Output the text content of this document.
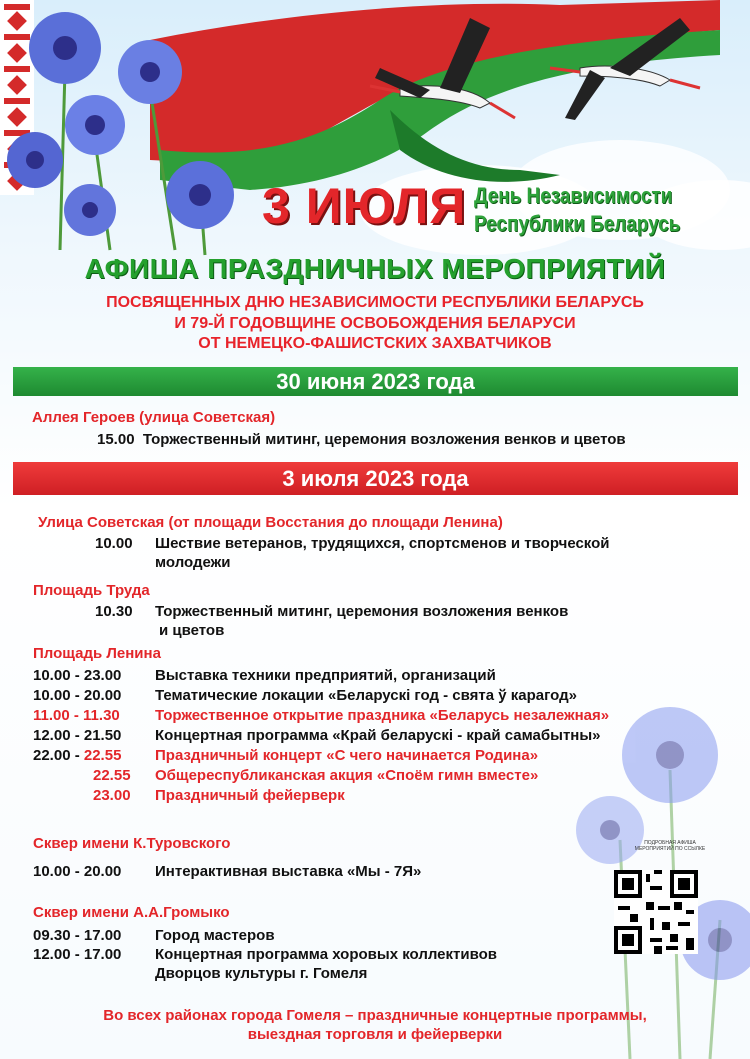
3 ИЮЛЯ День Независимости
Республики Беларусь
АФИША ПРАЗДНИЧНЫХ МЕРОПРИЯТИЙ
ПОСВЯЩЕННЫХ ДНЮ НЕЗАВИСИМОСТИ РЕСПУБЛИКИ БЕЛАРУСЬ
И 79-Й ГОДОВЩИНЕ ОСВОБОЖДЕНИЯ БЕЛАРУСИ
ОТ НЕМЕЦКО-ФАШИСТСКИХ ЗАХВАТЧИКОВ
30 июня 2023 года
Аллея Героев (улица Советская)
15.00 Торжественный митинг, церемония возложения венков и цветов
3 июля 2023 года
Улица Советская (от площади Восстания до площади Ленина)
10.00 Шествие ветеранов, трудящихся, спортсменов и творческой
молодежи
Площадь Труда
10.30 Торжественный митинг, церемония возложения венков
и цветов
Площадь Ленина
10.00 - 23.00 Выставка техники предприятий, организаций
10.00 - 20.00 Тематические локации «Беларускi год - свята ў карагод»
11.00 - 11.30 Торжественное открытие праздника «Беларусь незалежная»
12.00 - 21.50 Концертная программа «Край беларускi - край самабытны»
22.00 - 22.55 Праздничный концерт «С чего начинается Родина»
22.55 Общереспубликанская акция «Споём гимн вместе»
23.00 Праздничный фейерверк
Сквер имени К.Туровского
10.00 - 20.00 Интерактивная выставка «Мы - 7Я»
Сквер имени А.А.Громыко
09.30 - 17.00 Город мастеров
12.00 - 17.00 Концертная программа хоровых коллективов
Дворцов культуры г. Гомеля
ПОДРОБНАЯ АФИША МЕРОПРИЯТИЙ ПО ССЫЛКЕ
Во всех районах города Гомеля – праздничные концертные программы,
выездная торговля и фейерверки
